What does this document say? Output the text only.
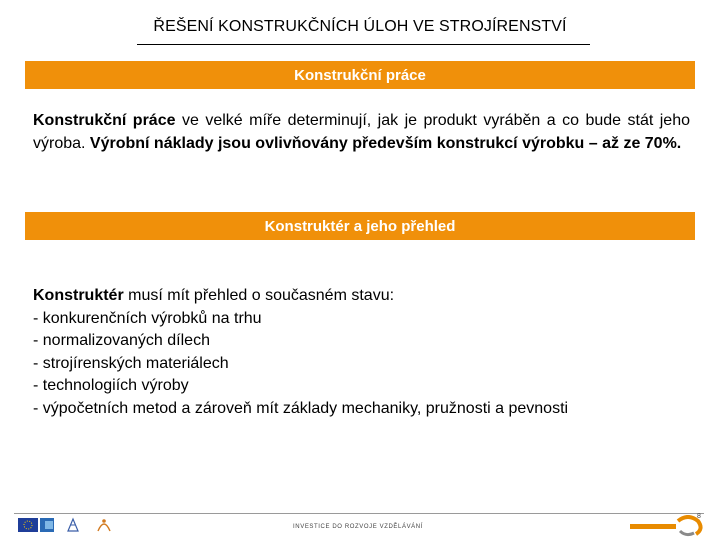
ŘEŠENÍ KONSTRUKČNÍCH ÚLOH VE STROJÍRENSTVÍ
Konstrukční práce
Konstrukční práce ve velké míře determinují, jak je produkt vyráběn a co bude stát jeho výroba. Výrobní náklady jsou ovlivňovány především konstrukcí výrobku – až ze 70%.
Konstruktér a jeho přehled
Konstruktér musí mít přehled o současném stavu:
- konkurenčních výrobků na trhu
- normalizovaných dílech
- strojírenských materiálech
- technologiích výroby
- výpočetních metod a zároveň mít základy mechaniky, pružnosti a pevnosti
INVESTICE DO ROZVOJE VZDĚLÁVÁNÍ
8
